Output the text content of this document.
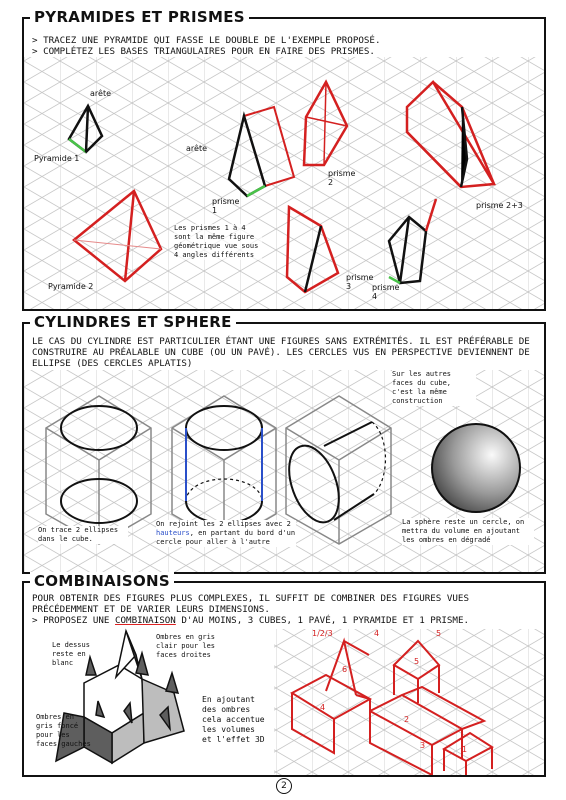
PYRAMIDES ET PRISMES
> TRACEZ UNE PYRAMIDE QUI FASSE LE DOUBLE DE L'EXEMPLE PROPOSÉ.
> COMPLÉTEZ LES BASES TRIANGULAIRES POUR EN FAIRE DES PRISMES.
arête
arête
Pyramide 1
Pyramide 2
prisme 1
prisme 2
prisme 3	prisme 4
prisme 2+3
Les prismes 1 à 4 sont la même figure géométrique vue sous 4 angles différents
CYLINDRES ET SPHERE
LE CAS DU CYLINDRE EST PARTICULIER ÉTANT UNE FIGURES SANS EXTRÉMITÉS. IL EST PRÉFÉRABLE DE CONSTRUIRE AU PRÉALABLE UN CUBE (OU UN PAVÉ). LES CERCLES VUS EN PERSPECTIVE DEVIENNENT DE ELLIPSE (DES CERCLES APLATIS)
On trace 2 ellipses dans le cube.
On rejoint les 2 ellipses avec 2 hauteurs, en partant du bord d'un cercle pour aller à l'autre
Sur les autres faces du cube, c'est la même construction
La sphère reste un cercle, on mettra du volume en ajoutant les ombres en dégradé
COMBINAISONS
POUR OBTENIR DES FIGURES PLUS COMPLEXES, IL SUFFIT DE COMBINER DES FIGURES VUES PRÉCÉDEMMENT ET DE VARIER LEURS DIMENSIONS.
> PROPOSEZ UNE COMBINAISON D'AU MOINS, 3 CUBES, 1 PAVÉ, 1 PYRAMIDE ET 1 PRISME.
Le dessus reste en blanc
Ombres en gris clair pour les faces droites
Ombres en gris foncé pour les faces gauches
En ajoutant des ombres cela accentue les volumes et l'effet 3D
1/2/3	4	5
6
5
4
3
2
1
2
